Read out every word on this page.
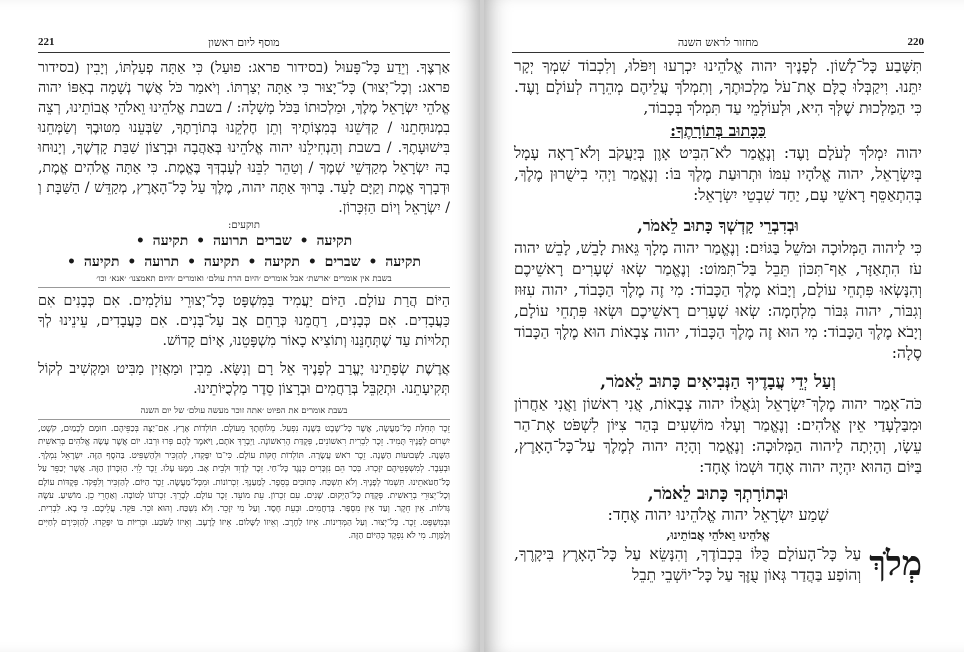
221	מוסף ליום ראשון

אַרְצֶךָ. וְיֵדַע כָּל־פָּעוּל (בסידור פראג: פוּעַל) כִּי אַתָּה פְעַלְתּוֹ, וְיָבִין (בסידור פראג: וְכָל־יְצוּר) כָּל־יָצוּר כִּי אַתָּה יְצַרְתּוֹ. וְיֹאמַר כֹּל אֲשֶׁר נְשָׁמָה בְאַפּוֹ יהוה אֱלֹהֵי יִשְׂרָאֵל מֶלֶךְ, וּמַלְכוּתוֹ בַּכֹּל מָשָׁלָה: / בשבת אֱלֹהֵינוּ וֵאלֹהֵי אֲבוֹתֵינוּ, רְצֵה בִמְנוּחָתֵנוּ / קַדְּשֵׁנוּ בְּמִצְוֹתֶיךָ וְתֵן חֶלְקֵנוּ בְּתוֹרָתֶךָ, שַׂבְּעֵנוּ מִטּוּבֶךָ וְשַׂמְּחֵנוּ בִּישׁוּעָתֶךָ. / בשבת וְהַנְחִילֵנוּ יהוה אֱלֹהֵינוּ בְּאַהֲבָה וּבְרָצוֹן שַׁבַּת קָדְשֶׁךָ, וְיָנוּחוּ בָהּ יִשְׂרָאֵל מְקַדְּשֵׁי שְׁמֶךָ / וְטַהֵר לִבֵּנוּ לְעָבְדְּךָ בֶּאֱמֶת. כִּי אַתָּה אֱלֹהִים אֱמֶת, וּדְבָרְךָ אֱמֶת וְקַיָּם לָעַד. בָּרוּךְ אַתָּה יהוה, מֶלֶךְ עַל כָּל־הָאָרֶץ, מְקַדֵּשׁ / הַשַּׁבָּת וְ / יִשְׂרָאֵל וְיוֹם הַזִּכָּרוֹן.

תוקעים:

תקיעה • שברים תרועה • תקיעה •

תקיעה • שברים • תקיעה • תקיעה • תרועה • תקיעה •

בשבת אין אומרים ׳ארשת׳ אבל אומרים ׳היום הרת עולם׳ ואומרים ׳היום תאמצנו׳ ׳אנא׳ וכו׳

הַיּוֹם הֲרַת עוֹלָם. הַיּוֹם יַעֲמִיד בַּמִּשְׁפָּט כָּל־יְצוּרֵי עוֹלָמִים. אִם כְּבָנִים אִם כַּעֲבָדִים. אִם כְּבָנִים, רַחֲמֵנוּ כְּרַחֵם אָב עַל־בָּנִים. אִם כַּעֲבָדִים, עֵינֵינוּ לְךָ תְלוּיוֹת עַד שֶׁתְּחָנֵּנוּ וְתוֹצִיא כָאוֹר מִשְׁפָּטֵנוּ, אָיוֹם קָדוֹשׁ.

אֲרֶשֶׁת שְׂפָתֵינוּ יֶעֱרַב לְפָנֶיךָ אֵל רָם וְנִשָּׂא. מֵבִין וּמַאֲזִין מַבִּיט וּמַקְשִׁיב לְקוֹל תְּקִיעָתֵנוּ. וּתְקַבֵּל בְּרַחֲמִים וּבְרָצוֹן סֵדֶר מַלְכֻיּוֹתֵינוּ.

בשבת אומרים את הפיוט ׳אתה זוכר מעשה עולם׳ של יום השנה

זֵכֶר תְּחִלַּת כָּל־מַעֲשֶׂה, אֲשֶׁר כָּל־שֶׁבֶט בְּשָׁנָה נִפְעַל. מְלוֹחָתָךְ מֵעוֹלָם. תּוֹלְדוֹת אָרֶץ. אִם־יַצֶּה בְּכַפֵּיהֶם. חוּמַם לְכָמַיִם, קֹשֶׁט, יִשְׁרוּם לְפָנֶיךָ תָּמִיד. זֵכֶר לִבְרִית רִאשׁוֹנִים, פְּקֻדַּת הָרִאשׁוֹנָה. וַיְבָרֵךְ אֹתָם, וַיֹּאמֶר לָהֶם פְּרוּ וּרְבוּ. יוֹם אֲשֶׁר עָשָׂה אֱלֹהִים בְּרִאשִׁית הַשָּׁנָה. לַשְּׁבוּעוֹת הַשָּׁנָה. זֵכֶר רֹאשׁ עֲשָׂרָה. תּוֹלְדוֹת חֻקּוֹת עוֹלָם. כִּי־בוֹ יִפָּקְדוּ, לְהַזְכִּיר וּלְהַשְׁפִּיט. בַּהֹסֶף הַזֶּה. יִשְׂרָאֵל נִמְלָךְ. וּבְעֵבֶר. לְמִשְׁפְּטֵיהֶם יִזָּכְרוּ. בְּכַר הֵם נִזְכָּרִים כְּנֶגֶד כָּל־חַי. זֵכֶר לְדָוִד וּלְבֵית אָב. מִמֶּנּוּ עָלוּ. זֵכֶר לֵוִי. הַזִּכָּרוֹן הַזֶּה. אֲשֶׁר יְכַפֵּר עַל כָּל־חַטֹּאתֵינוּ. תִּשְׁמֹר לְפָנֶיךָ. וְלֹא תִשְׁכַּח. כְּתוּבִים בְּסֵפֶר. לְמַעַנְךָ. זִכְרוֹנוֹת. וּמִכָּל־מַעֲשֶׂה. זֵכֶר הַיּוֹם. לְהַזְכִּיר וְלִפְקֹד. פְּקֻדּוֹת עוֹלָם וְכָל־יְצוּרֵי בְרֵאשִׁית. פְּקֻדַּת כָּל־הַיְקוּם. שָׁנִים. עִם זִכְרוֹן. עֵת מוֹעֵד. זֵכֶר עוֹלָם. לְבָרֵךְ. זִכְרוֹנוֹ לְטוֹבָה. וְאַחֲרֵי כֵן. מוֹשִׁיעַ. עֹשֶׂה גְּדֹלוֹת. אֵין חֵקֶר. וְעַד אֵין מִסְפָּר. בְּרַחֲמִים. וּבְעֵת חֶסֶד. וְעַל מִי יִזָּכֵר. וְלֹא נִשְׁכַּח. וְהוּא זֹכֵר. פֹּקֵד. עֲלֵיכֶם. כִּי בָא. לִבְרִית. וּבְמִשְׁפָּט. זֵכֶר. כָּל־יְצוּר. וְעַל הַמְּדִינוֹת. אֵיזוֹ לַחֶרֶב. וְאֵיזוֹ לַשָּׁלוֹם. אֵיזוֹ לָרָעָב. וְאֵיזוֹ לַשֹּׂבַע. וּבְרִיּוֹת בּוֹ יִפָּקֵדוּ. לְהַזְכִּירָם לְחַיִּים וְלַמָּוֶת. מִי לֹא נִפְקָד כְּהַיּוֹם הַזֶּה.

220
מחזור לראש השנה

תִּשָּׁבַע כָּל־לָשׁוֹן. לְפָנֶיךָ יהוה אֱלֹהֵינוּ יִכְרְעוּ וְיִפֹּלוּ, וְלִכְבוֹד שִׁמְךָ יְקָר יִתֵּנוּ. וִיקַבְּלוּ כֻלָּם אֶת־עֹל מַלְכוּתֶךָ, וְתִמְלֹךְ עֲלֵיהֶם מְהֵרָה לְעוֹלָם וָעֶד. כִּי הַמַּלְכוּת שֶׁלְּךָ הִיא, וּלְעוֹלְמֵי עַד תִּמְלֹךְ בְּכָבוֹד,

כַּכָּתוּב בְּתוֹרָתֶךָ:

יהוה יִמְלֹךְ לְעֹלָם וָעֶד: וְנֶאֱמַר לֹא־הִבִּיט אָוֶן בְּיַעֲקֹב וְלֹא־רָאָה עָמָל בְּיִשְׂרָאֵל, יהוה אֱלֹהָיו עִמּוֹ וּתְרוּעַת מֶלֶךְ בּוֹ: וְנֶאֱמַר וַיְהִי בִישֻׁרוּן מֶלֶךְ, בְּהִתְאַסֵּף רָאשֵׁי עָם, יַחַד שִׁבְטֵי יִשְׂרָאֵל:

וּבְדִבְרֵי קָדְשְׁךָ כָּתוּב לֵאמֹר,

כִּי לַיהוה הַמְּלוּכָה וּמֹשֵׁל בַּגּוֹיִם: וְנֶאֱמַר יהוה מָלָךְ גֵּאוּת לָבֵשׁ, לָבֵשׁ יהוה עֹז הִתְאַזָּר, אַף־תִּכּוֹן תֵּבֵל בַּל־תִּמּוֹט: וְנֶאֱמַר שְׂאוּ שְׁעָרִים רָאשֵׁיכֶם וְהִנָּשְׂאוּ פִּתְחֵי עוֹלָם, וְיָבוֹא מֶלֶךְ הַכָּבוֹד: מִי זֶה מֶלֶךְ הַכָּבוֹד, יהוה עִזּוּז וְגִבּוֹר, יהוה גִּבּוֹר מִלְחָמָה: שְׂאוּ שְׁעָרִים רָאשֵׁיכֶם וּשְׂאוּ פִּתְחֵי עוֹלָם, וְיָבֹא מֶלֶךְ הַכָּבוֹד: מִי הוּא זֶה מֶלֶךְ הַכָּבוֹד, יהוה צְבָאוֹת הוּא מֶלֶךְ הַכָּבוֹד סֶלָה:

וְעַל יְדֵי עֲבָדֶיךָ הַנְּבִיאִים כָּתוּב לֵאמֹר,

כֹּה־אָמַר יהוה מֶלֶךְ־יִשְׂרָאֵל וְגֹאֲלוֹ יהוה צְבָאוֹת, אֲנִי רִאשׁוֹן וַאֲנִי אַחֲרוֹן וּמִבַּלְעָדַי אֵין אֱלֹהִים: וְנֶאֱמַר וְעָלוּ מוֹשִׁעִים בְּהַר צִיּוֹן לִשְׁפֹּט אֶת־הַר עֵשָׂו, וְהָיְתָה לַיהוה הַמְּלוּכָה: וְנֶאֱמַר וְהָיָה יהוה לְמֶלֶךְ עַל־כָּל־הָאָרֶץ, בַּיּוֹם הַהוּא יִהְיֶה יהוה אֶחָד וּשְׁמוֹ אֶחָד:

וּבְתוֹרָתְךָ כָּתוּב לֵאמֹר,

שְׁמַע יִשְׂרָאֵל יהוה אֱלֹהֵינוּ יהוה אֶחָד:

אֱלֹהֵינוּ וֵאלֹהֵי אֲבוֹתֵינוּ,

מְלֹךְ
עַל כָּל־הָעוֹלָם כֻּלּוֹ בִּכְבוֹדֶךָ, וְהִנָּשֵׂא עַל כָּל־הָאָרֶץ בִּיקָרֶךָ, וְהוֹפַע בַּהֲדַר גְּאוֹן עֻזֶּךָ עַל כָּל־יוֹשְׁבֵי תֵבֵל
